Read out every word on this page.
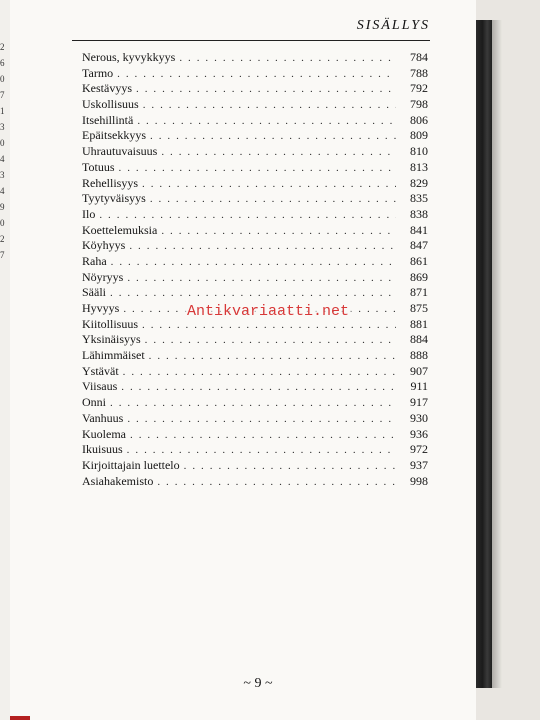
2
6
0
7
1
3
0
4
3
4
9
0
2
7
SISÄLLYS
Nerous, kyvykkyys . . .	784
Tarmo . . .	788
Kestävyys . . .	792
Uskollisuus . . .	798
Itsehillintä . . .	806
Epäitsekkyys . . .	809
Uhrautuvaisuus . . .	810
Totuus . . .	813
Rehellisyys . . .	829
Tyytyväisyys . . .	835
Ilo . . .	838
Koettelemuksia . . .	841
Köyhyys . . .	847
Raha . . .	861
Nöyryys . . .	869
Sääli . . .	871
Hyvyys . . .	875
Kiitollisuus . . .	881
Yksinäisyys . . .	884
Lähimmäiset . . .	888
Ystävät . . .	907
Viisaus . . .	911
Onni . . .	917
Vanhuus . . .	930
Kuolema . . .	936
Ikuisuus . . .	972
Kirjoittajain luettelo . . .	937
Asiahakemisto . . .	998
Antikvariaatti.net
~ 9 ~
